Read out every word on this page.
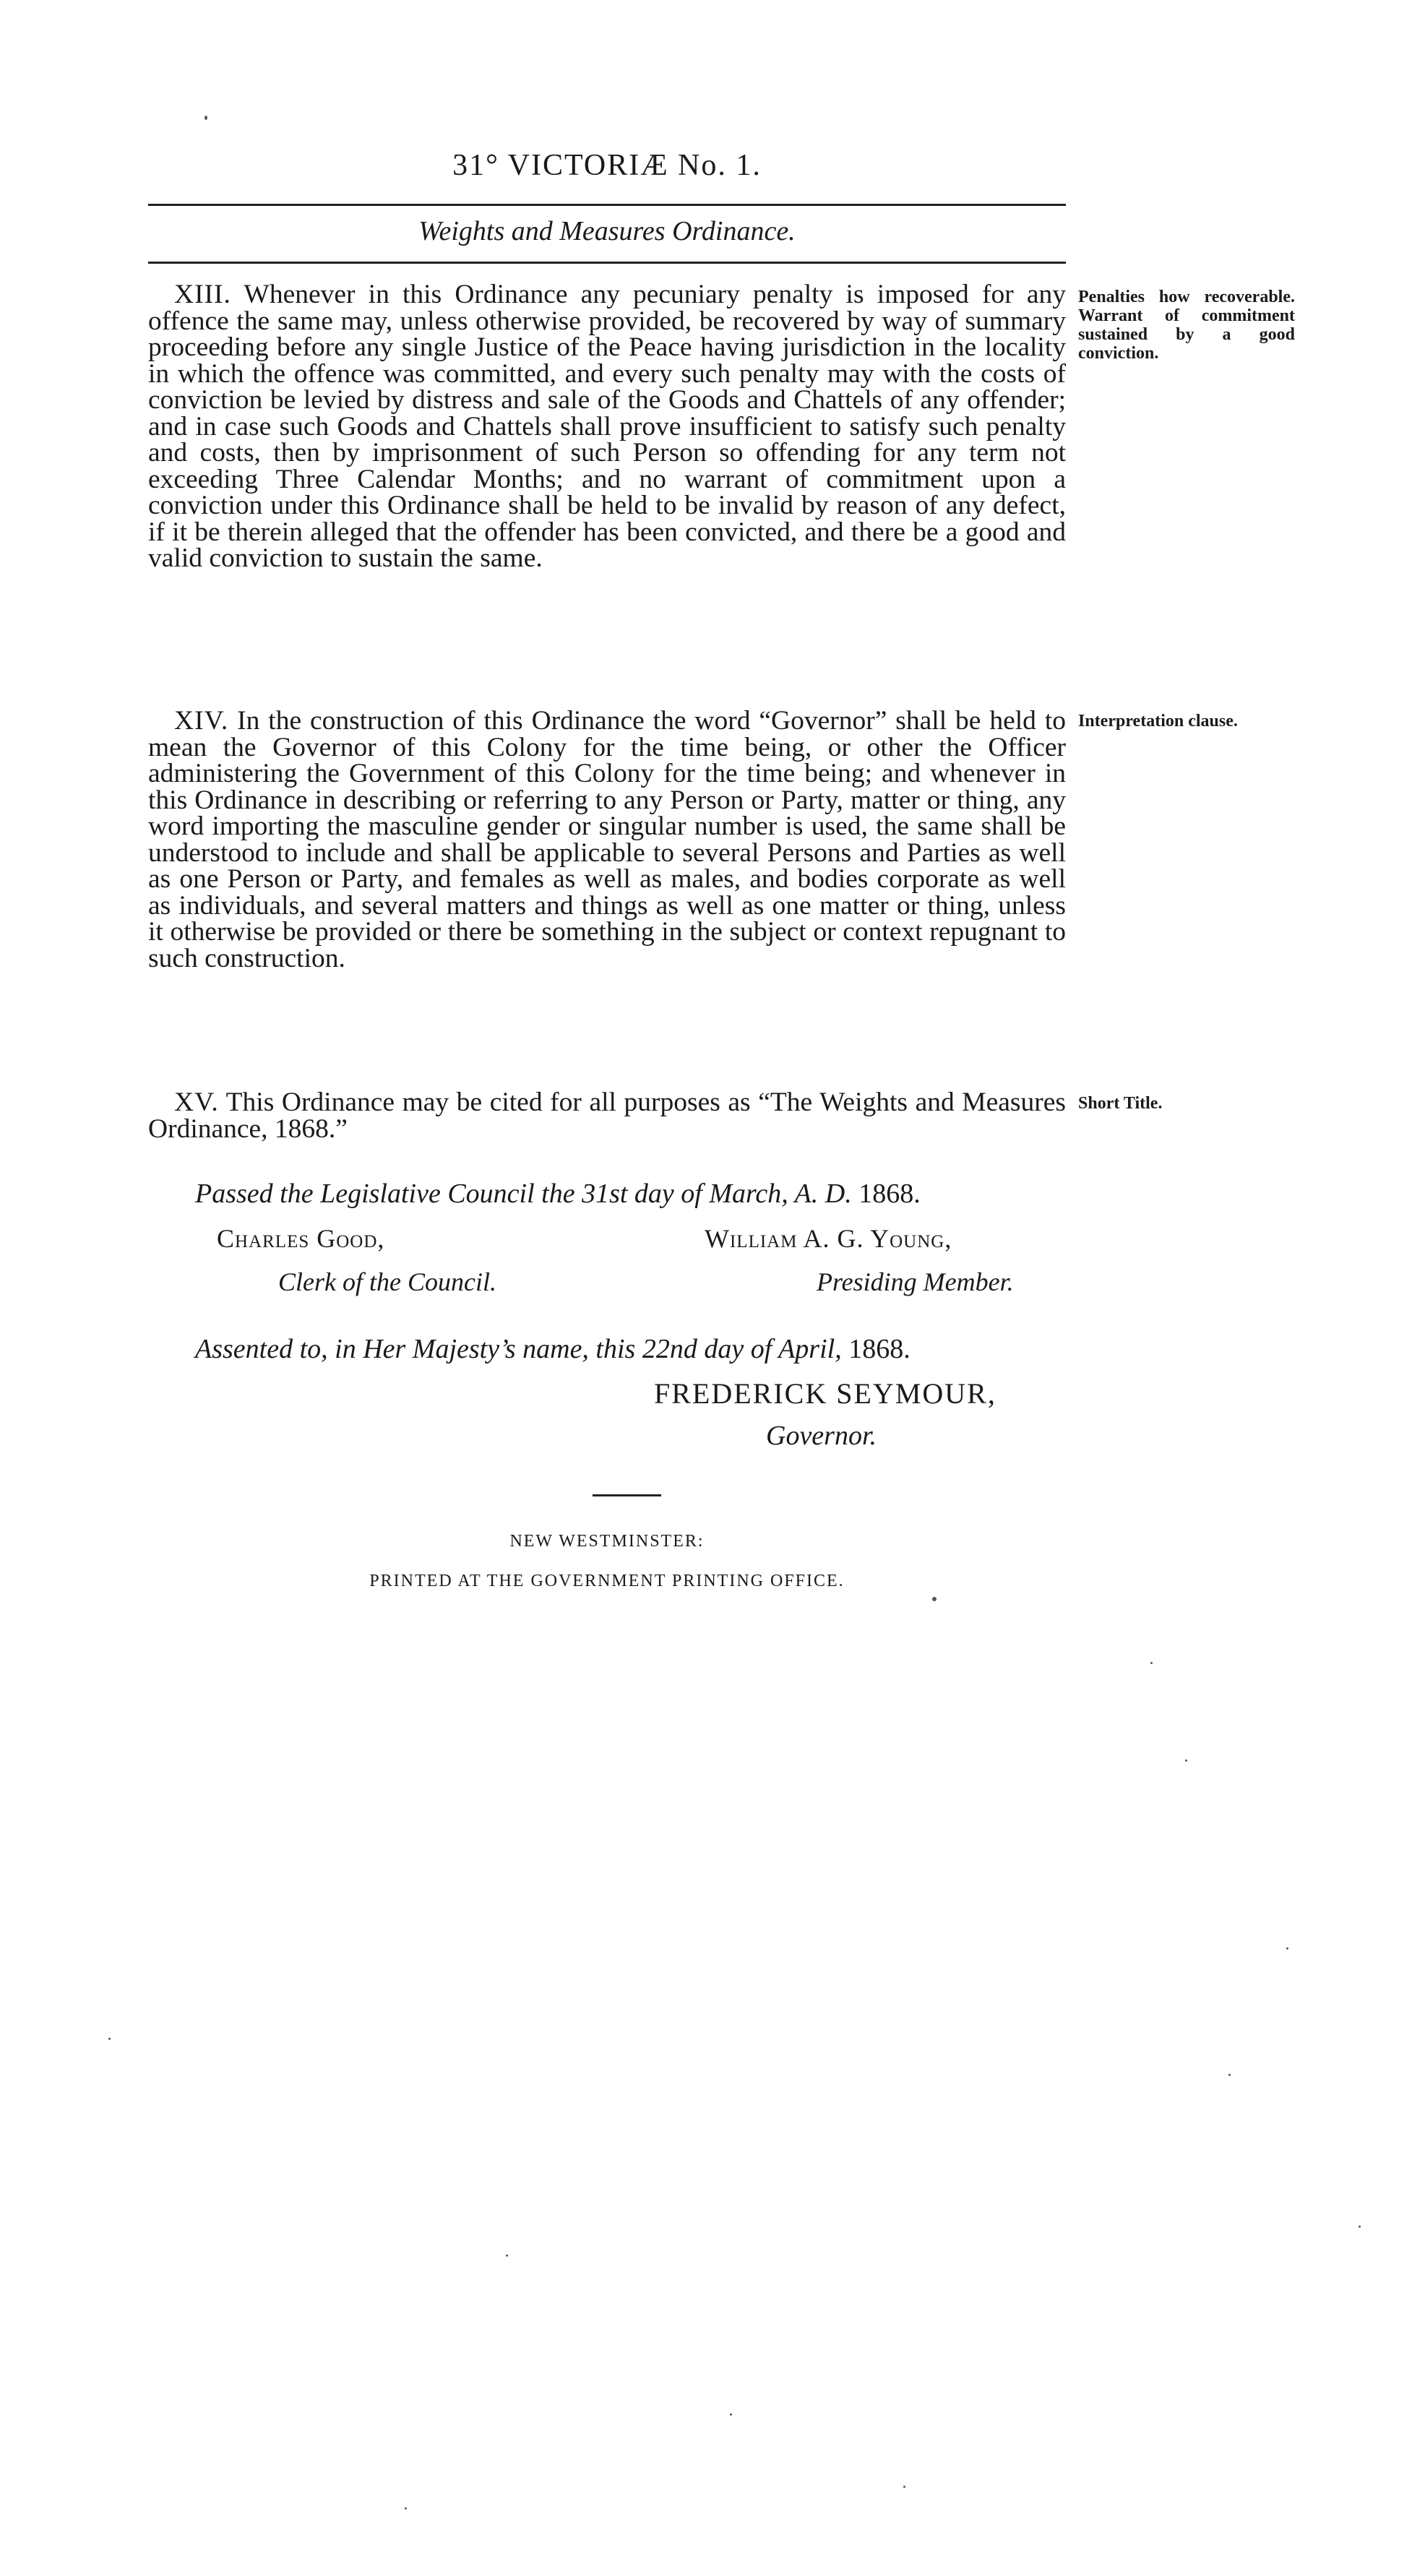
31° VICTORIÆ No. 1.
Weights and Measures Ordinance.

XIII. Whenever in this Ordinance any pecuniary penalty is imposed for any offence the same may, unless otherwise provided, be recovered by way of summary proceeding before any single Justice of the Peace having jurisdiction in the locality in which the offence was committed, and every such penalty may with the costs of conviction be levied by distress and sale of the Goods and Chattels of any offender; and in case such Goods and Chattels shall prove insufficient to satisfy such penalty and costs, then by imprisonment of such Person so offending for any term not exceeding Three Calendar Months; and no warrant of commitment upon a conviction under this Ordinance shall be held to be invalid by reason of any defect, if it be therein alleged that the offender has been convicted, and there be a good and valid conviction to sustain the same.

Penalties how recoverable. Warrant of commitment sustained by a good conviction.

XIV. In the construction of this Ordinance the word “Governor” shall be held to mean the Governor of this Colony for the time being, or other the Officer administering the Government of this Colony for the time being; and whenever in this Ordinance in describing or referring to any Person or Party, matter or thing, any word importing the masculine gender or singular number is used, the same shall be understood to include and shall be applicable to several Persons and Parties as well as one Person or Party, and females as well as males, and bodies corporate as well as individuals, and several matters and things as well as one matter or thing, unless it otherwise be provided or there be something in the subject or context repugnant to such construction.

Interpretation clause.

XV. This Ordinance may be cited for all purposes as “The Weights and Measures Ordinance, 1868.”

Short Title.
Passed the Legislative Council the 31st day of March, A. D. 1868.
Charles Good,	William A. G. Young,
Clerk of the Council.	Presiding Member.
Assented to, in Her Majesty’s name, this 22nd day of April, 1868.
FREDERICK SEYMOUR,
Governor.
NEW WESTMINSTER:
PRINTED AT THE GOVERNMENT PRINTING OFFICE.
